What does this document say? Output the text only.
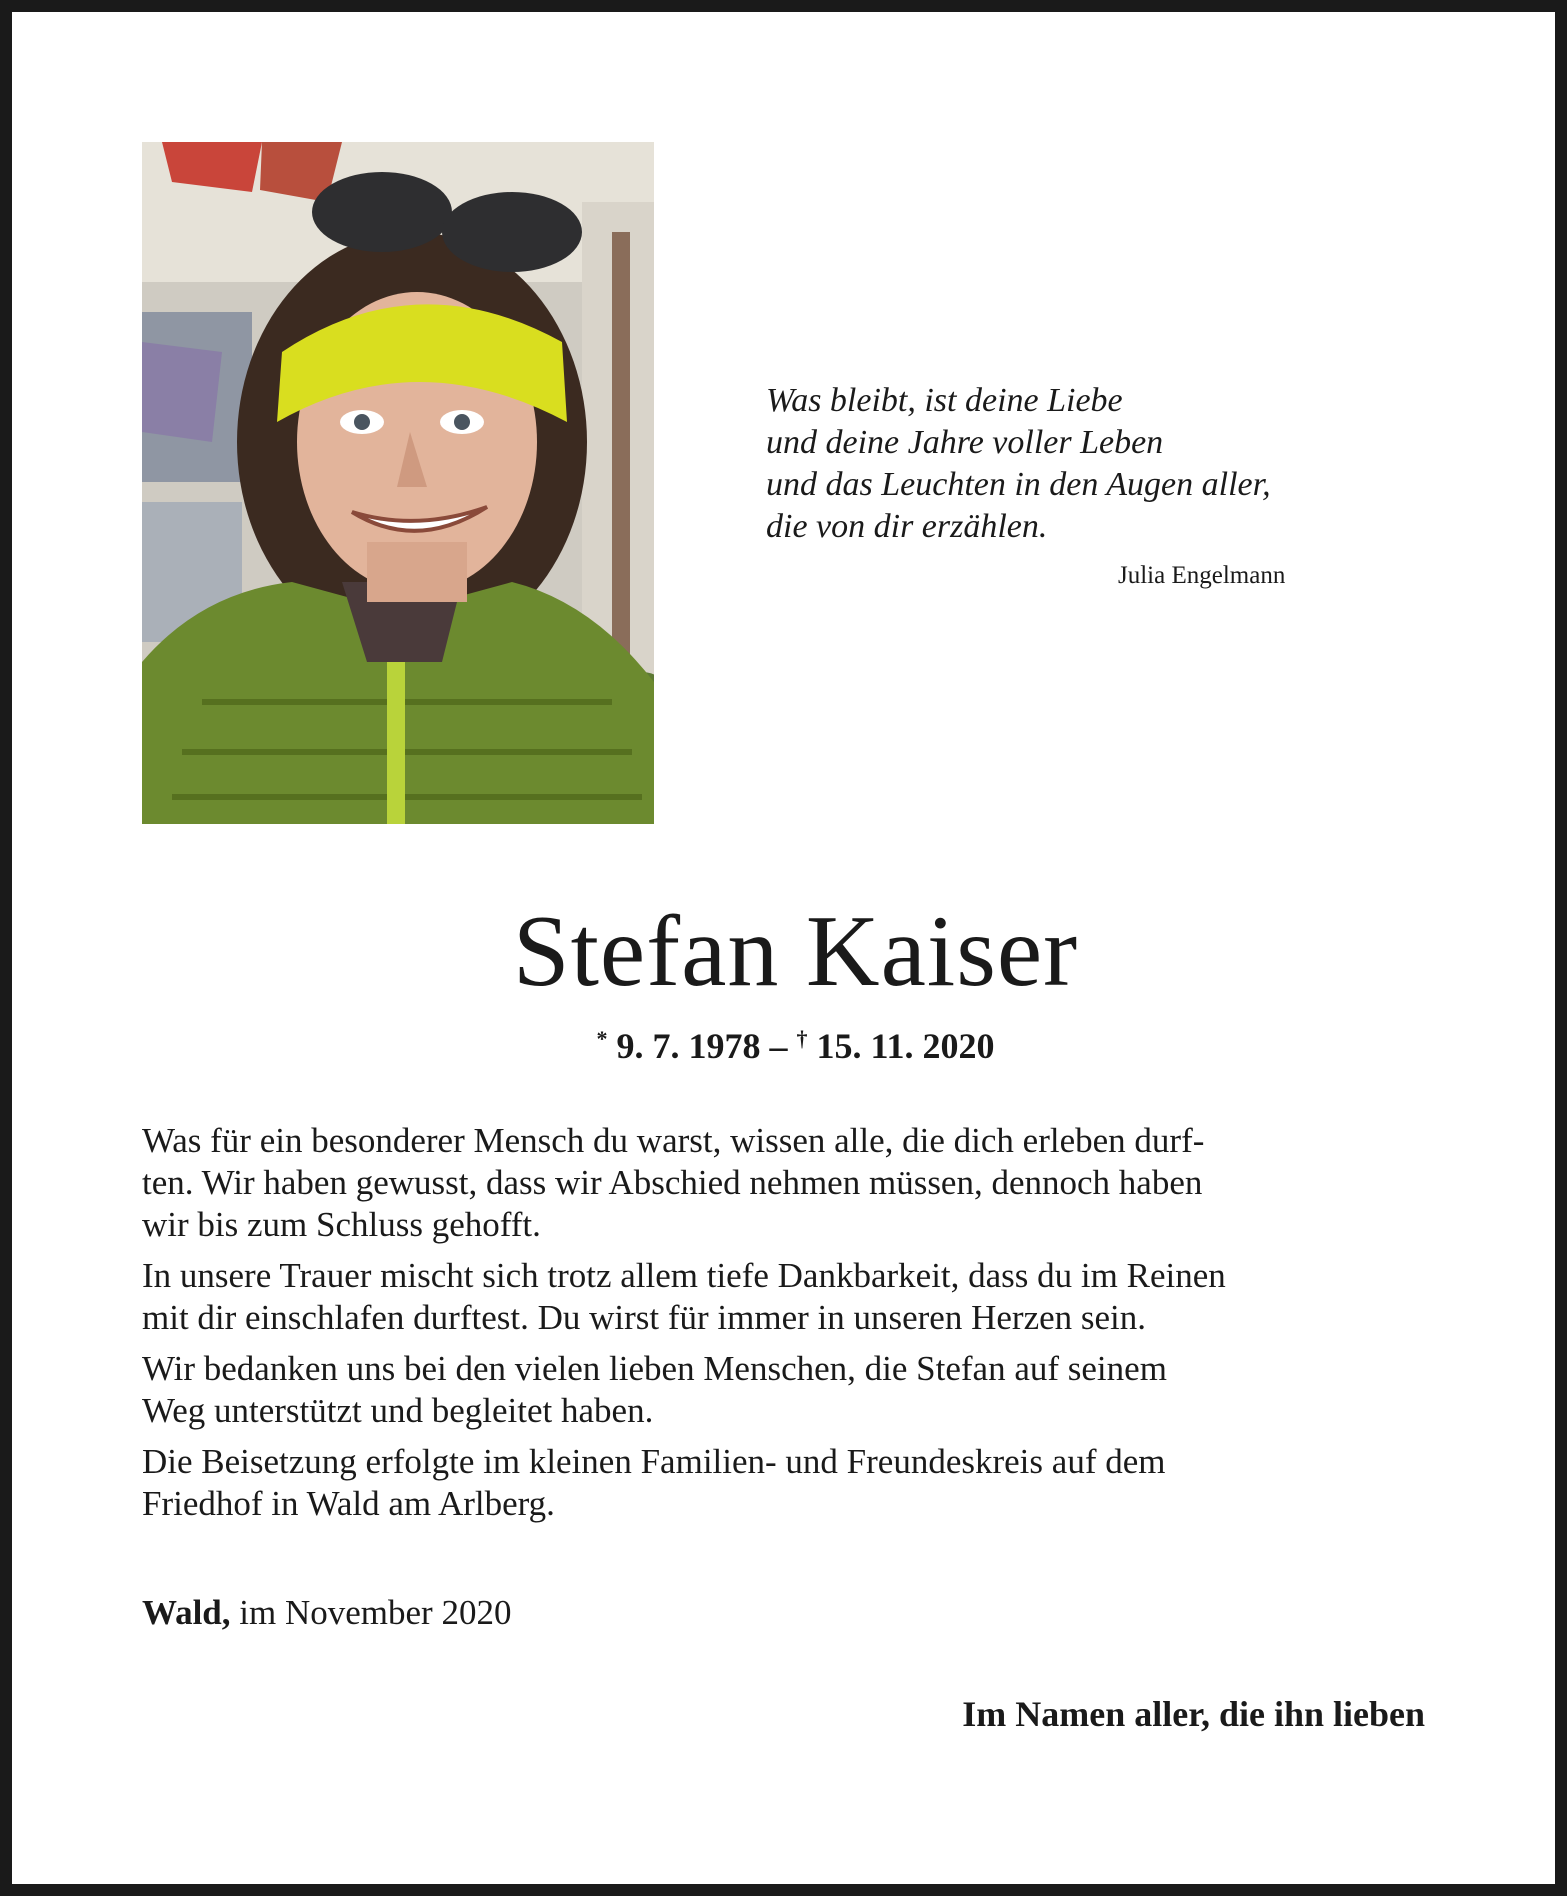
Was bleibt, ist deine Liebe
und deine Jahre voller Leben
und das Leuchten in den Augen aller,
die von dir erzählen.
Julia Engelmann
Stefan Kaiser
* 9. 7. 1978 – † 15. 11. 2020

Was für ein besonderer Mensch du warst, wissen alle, die dich erleben durf-
ten. Wir haben gewusst, dass wir Abschied nehmen müssen, dennoch haben
wir bis zum Schluss gehofft.

In unsere Trauer mischt sich trotz allem tiefe Dankbarkeit, dass du im Reinen
mit dir einschlafen durftest. Du wirst für immer in unseren Herzen sein.

Wir bedanken uns bei den vielen lieben Menschen, die Stefan auf seinem
Weg unterstützt und begleitet haben.

Die Beisetzung erfolgte im kleinen Familien- und Freundeskreis auf dem
Friedhof in Wald am Arlberg.

Wald, im November 2020
Im Namen aller, die ihn lieben
